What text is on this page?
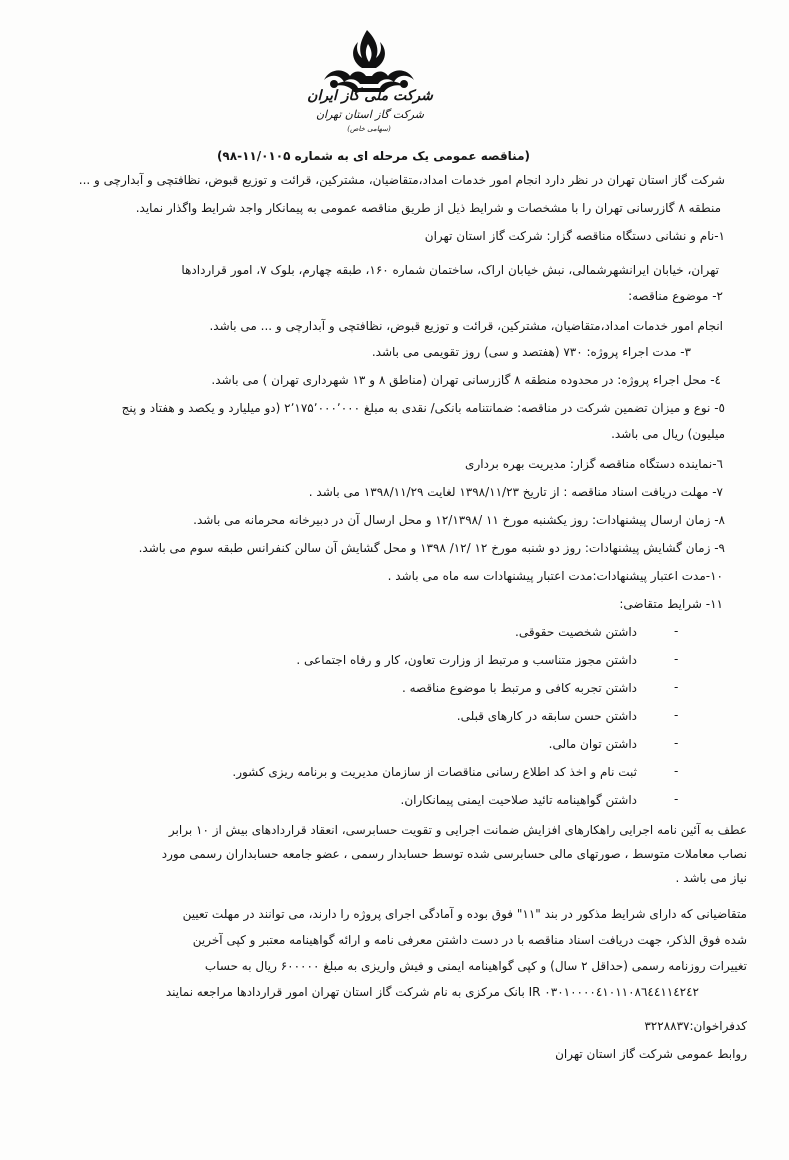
شرکت ملی گاز ایران
شرکت گاز استان تهران
(سهامی خاص)
(مناقصه عمومی یک مرحله ای به شماره ۱۱/۰۱۰۵-۹۸)
شرکت گاز استان تهران در نظر دارد انجام امور خدمات امداد،متقاضیان، مشترکین، قرائت و توزیع قبوض، نظافتچی و آبدارچی و ...
منطقه ۸ گازرسانی تهران را با مشخصات و شرایط ذیل از طریق مناقصه عمومی به پیمانکار واجد شرایط واگذار نماید.
۱-نام و نشانی دستگاه مناقصه گزار: شرکت گاز استان تهران
تهران، خیابان ایرانشهرشمالی، نبش خیابان اراک، ساختمان شماره ۱۶۰، طبقه چهارم، بلوک ۷، امور قراردادها
۲- موضوع مناقصه:
انجام امور خدمات امداد،متقاضیان، مشترکین، قرائت و توزیع قبوض، نظافتچی و آبدارچی و ... می باشد.
۳- مدت اجراء پروژه: ۷۳۰ (هفتصد و سی) روز تقویمی می باشد.
٤- محل اجراء پروژه: در محدوده منطقه ۸ گازرسانی تهران (مناطق ۸ و ۱۳ شهرداری تهران ) می باشد.
٥- نوع و میزان تضمین شرکت در مناقصه: ضمانتنامه بانکی/ نقدی به مبلغ ۲٬۱۷۵٬۰۰۰٬۰۰۰ (دو میلیارد و یکصد و هفتاد و پنج
میلیون) ریال می باشد.
٦-نماینده دستگاه مناقصه گزار: مدیریت بهره برداری
۷- مهلت دریافت اسناد مناقصه : از تاریخ ۱۳۹۸/۱۱/۲۳ لغایت ۱۳۹۸/۱۱/۲۹ می باشد .
۸- زمان ارسال پیشنهادات: روز یکشنبه مورخ ۱۱ /۱۲/۱۳۹۸ و محل ارسال آن در دبیرخانه محرمانه می باشد.
۹- زمان گشایش پیشنهادات: روز دو شنبه مورخ ۱۲ /۱۲/ ۱۳۹۸ و محل گشایش آن سالن کنفرانس طبقه سوم می باشد.
۱۰-مدت اعتبار پیشنهادات:مدت اعتبار پیشنهادات سه ماه می باشد .
۱۱- شرایط متقاضی:
-
داشتن شخصیت حقوقی.
-
داشتن مجوز متناسب و مرتبط از وزارت تعاون، کار و رفاه اجتماعی .
-
داشتن تجربه کافی و مرتبط با موضوع مناقصه .
-
داشتن حسن سابقه در کارهای قبلی.
-
داشتن توان مالی.
-
ثبت نام و اخذ کد اطلاع رسانی مناقصات از سازمان مدیریت و برنامه ریزی کشور.
-
داشتن گواهینامه تائید صلاحیت ایمنی پیمانکاران.
عطف به آئین نامه اجرایی راهکارهای افزایش ضمانت اجرایی و تقویت حسابرسی، انعقاد قراردادهای بیش از ۱۰ برابر
نصاب معاملات متوسط ، صورتهای مالی حسابرسی شده توسط حسابدار رسمی ، عضو جامعه حسابداران رسمی مورد
نیاز می باشد .
متقاضیانی که دارای شرایط مذکور در بند "۱۱" فوق بوده و آمادگی اجرای پروژه را دارند، می توانند در مهلت تعیین
شده فوق الذکر، جهت دریافت اسناد مناقصه با در دست داشتن معرفی نامه و ارائه گواهینامه معتبر و کپی آخرین
تغییرات روزنامه رسمی (حداقل ۲ سال) و کپی گواهینامه ایمنی و فیش واریزی به مبلغ ۶۰۰۰۰۰ ریال به حساب
IR ۰۳۰۱۰۰۰۰٤۱۰۱۱۰۸٦٤٤۱۱٤۲٤۲ بانک مرکزی به نام شرکت گاز استان تهران امور قراردادها مراجعه نمایند
کدفراخوان:۳۲۲۸۸۳۷
روابط عمومی شرکت گاز استان تهران
